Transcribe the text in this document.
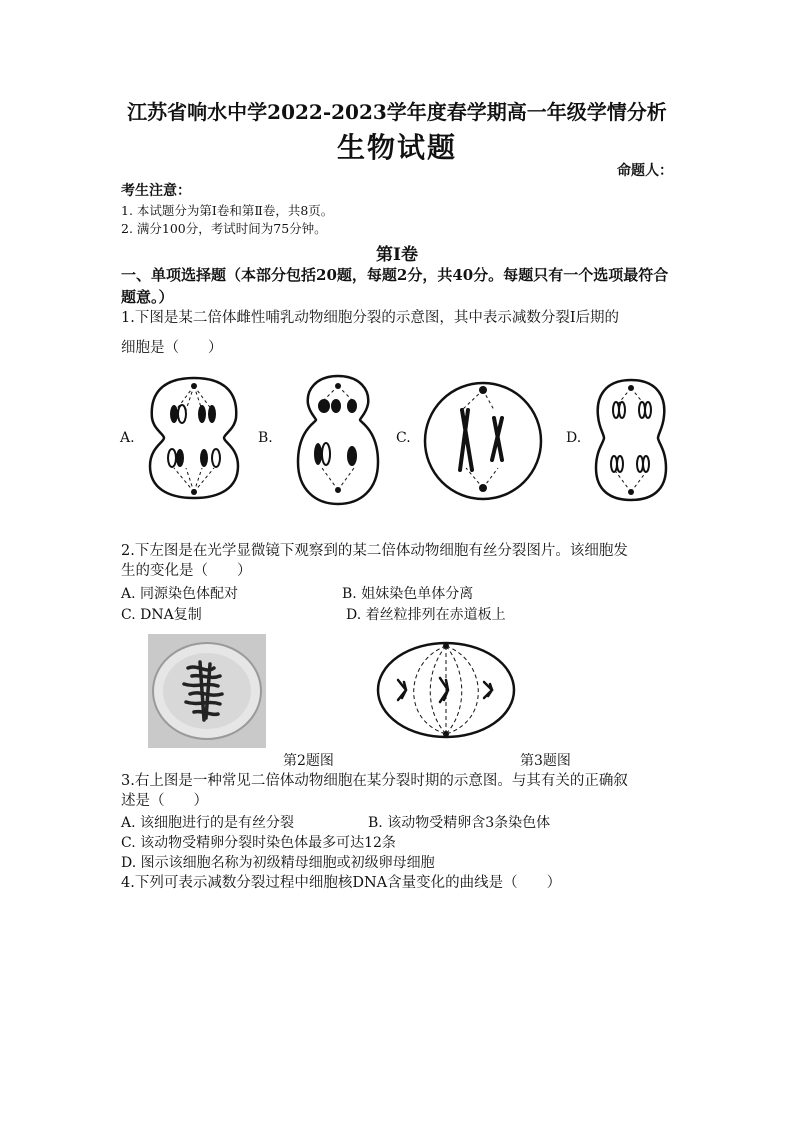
江苏省响水中学2022-2023学年度春学期高一年级学情分析
生物试题
命题人：
考生注意：
1. 本试题分为第Ⅰ卷和第Ⅱ卷，共8页。
2. 满分100分，考试时间为75分钟。
第Ⅰ卷
一、单项选择题（本部分包括20题，每题2分，共40分。每题只有一个选项最符合题意。）
1.下图是某二倍体雌性哺乳动物细胞分裂的示意图，其中表示减数分裂Ⅰ后期的
细胞是（　　）
A.	B.	C.	D.
2.下左图是在光学显微镜下观察到的某二倍体动物细胞有丝分裂图片。该细胞发
生的变化是（　　）
A. 同源染色体配对	B. 姐妹染色单体分离
C. DNA复制	D. 着丝粒排列在赤道板上
第2题图	第3题图
3.右上图是一种常见二倍体动物细胞在某分裂时期的示意图。与其有关的正确叙
述是（　　）
A. 该细胞进行的是有丝分裂	B. 该动物受精卵含3条染色体
C. 该动物受精卵分裂时染色体最多可达12条
D. 图示该细胞名称为初级精母细胞或初级卵母细胞
4.下列可表示减数分裂过程中细胞核DNA含量变化的曲线是（　　）
